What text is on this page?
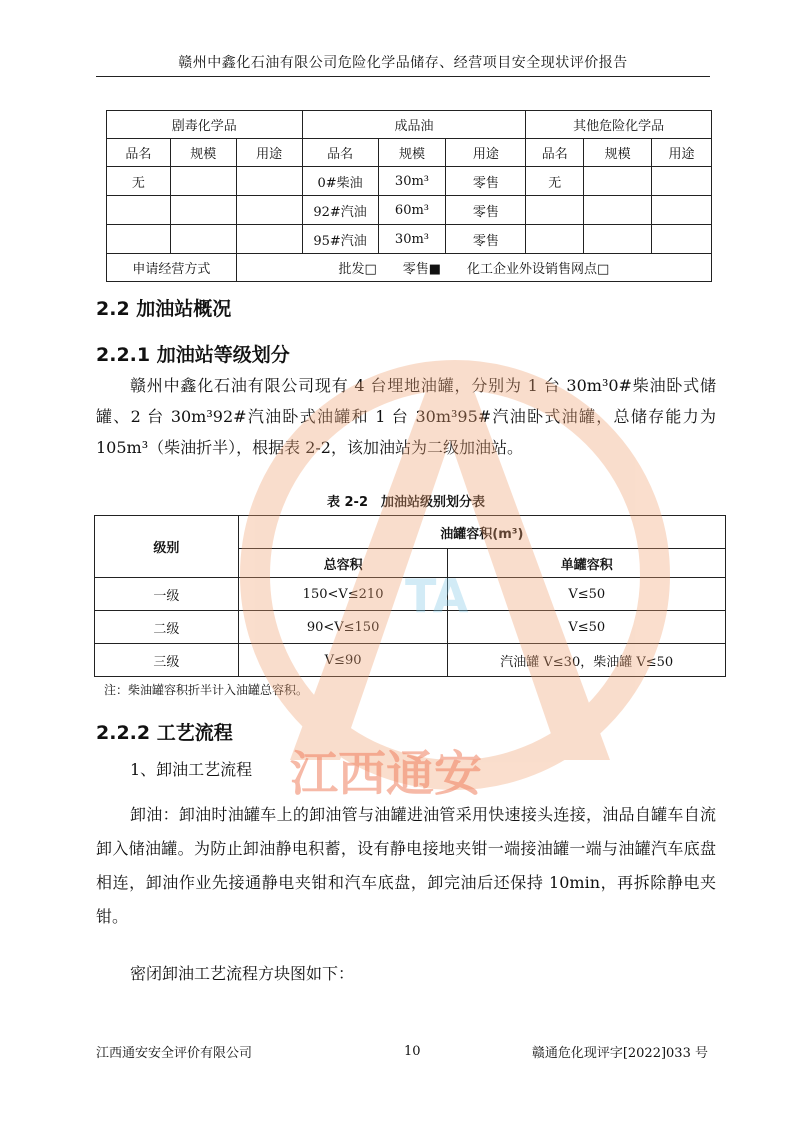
赣州中鑫化石油有限公司危险化学品储存、经营项目安全现状评价报告
剧毒化学品			成品油			其他危险化学品		
品名	规模	用途	品名	规模	用途	品名	规模	用途
无			0#柴油	30m³	零售	无		
			92#汽油	60m³	零售			
			95#汽油	30m³	零售			
申请经营方式		批发□　　零售■　　化工企业外设销售网点□						
2.2 加油站概况
2.2.1 加油站等级划分
赣州中鑫化石油有限公司现有 4 台埋地油罐，分别为 1 台 30m³0#柴油卧式储罐、2 台 30m³92#汽油卧式油罐和 1 台 30m³95#汽油卧式油罐，总储存能力为 105m³（柴油折半），根据表 2-2，该加油站为二级加油站。
表 2-2　加油站级别划分表
级别	油罐容积(m³)	
	总容积	单罐容积
一级	150<V≤210	V≤50
二级	90<V≤150	V≤50
三级	V≤90	汽油罐 V≤30，柴油罐 V≤50
注：柴油罐容积折半计入油罐总容积。
2.2.2 工艺流程
1、卸油工艺流程
卸油：卸油时油罐车上的卸油管与油罐进油管采用快速接头连接，油品自罐车自流卸入储油罐。为防止卸油静电积蓄，设有静电接地夹钳一端接油罐一端与油罐汽车底盘相连，卸油作业先接通静电夹钳和汽车底盘，卸完油后还保持 10min，再拆除静电夹钳。
密闭卸油工艺流程方块图如下：
江西通安安全评价有限公司	10	赣通危化现评字[2022]033 号
TA
江西通安
